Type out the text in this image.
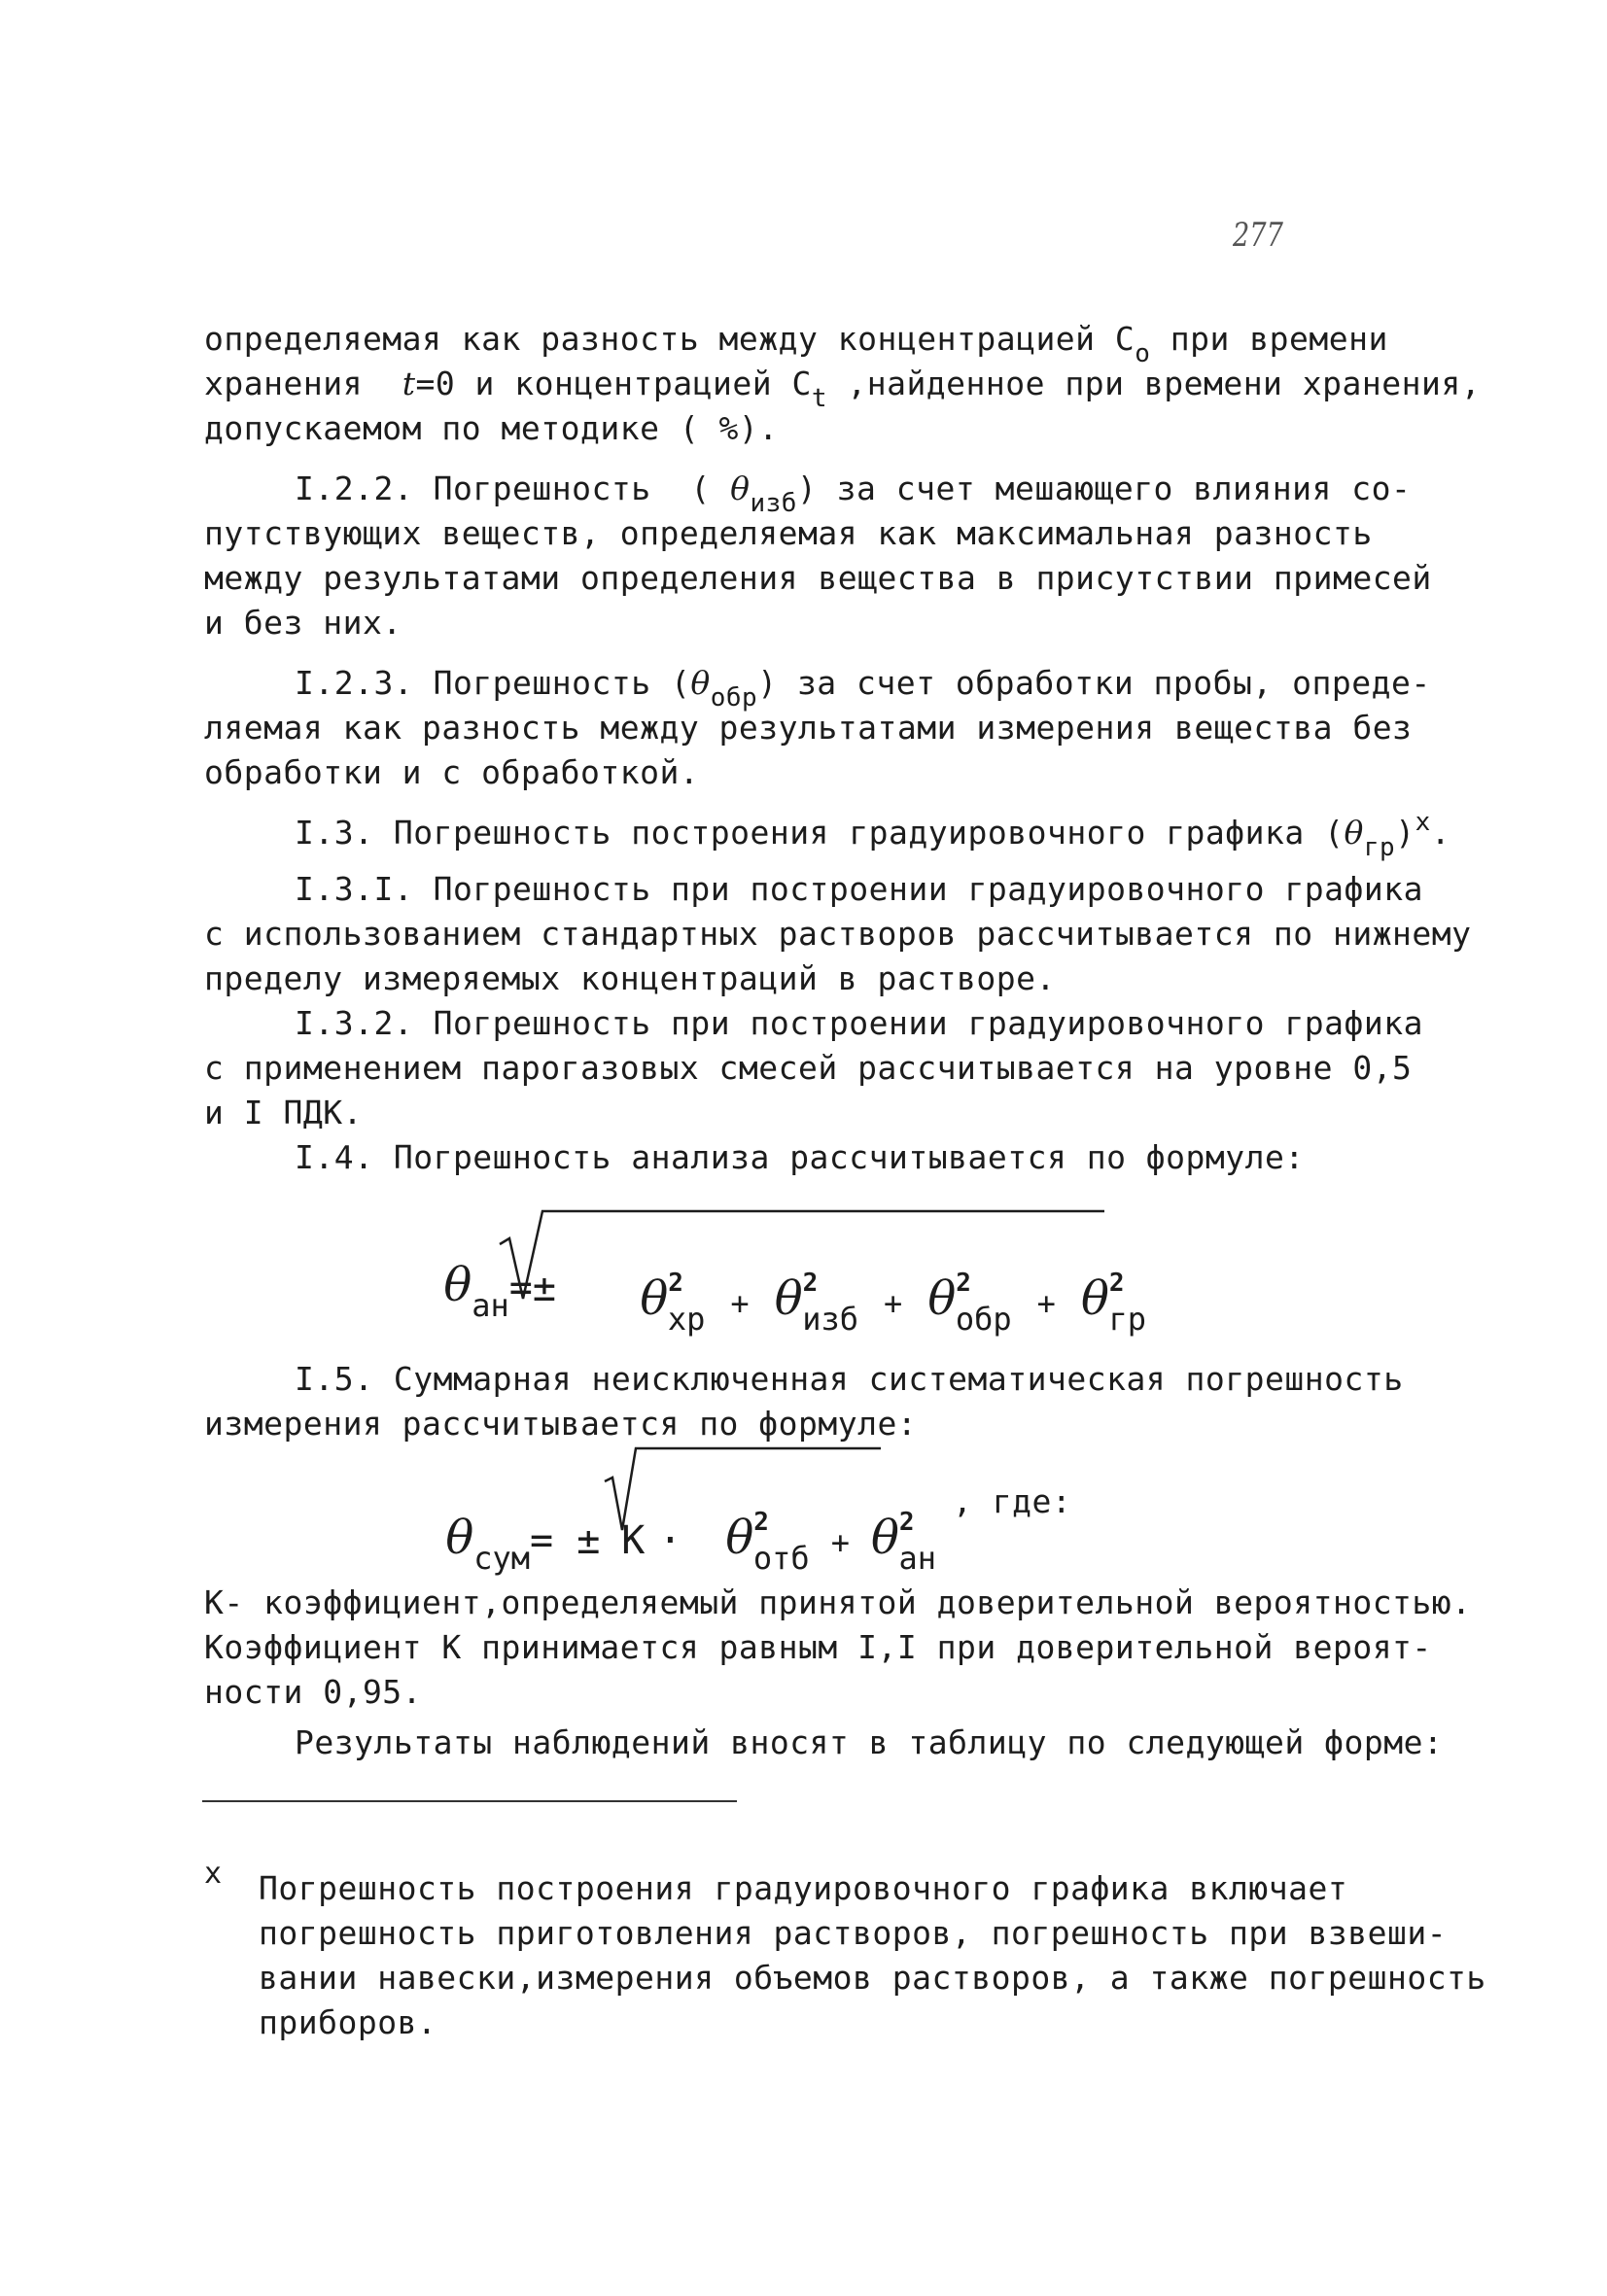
277
определяемая как разность между концентрацией $С_о$ при времени
хранения  t=0 и концентрацией $С_t$ ,найденное при времени хранения,
допускаемом по методике ( %).
I.2.2. Погрешность  ( $\theta_{изб}$) за счет мешающего влияния со-
путствующих веществ, определяемая как максимальная разность
между результатами определения вещества в присутствии примесей
и без них.
I.2.3. Погрешность $(\theta_{обр})$ за счет обработки пробы, опреде-
ляемая как разность между результатами измерения вещества без
обработки и с обработкой.
I.3. Погрешность построения градуировочного графика $(\theta_{гр})^х$.
I.3.I. Погрешность при построении градуировочного графика
с использованием стандартных растворов рассчитывается по нижнему
пределу измеряемых концентраций в растворе.
I.3.2. Погрешность при построении градуировочного графика
с применением парогазовых смесей рассчитывается на уровне 0,5
и I ПДК.
I.4. Погрешность анализа рассчитывается по формуле:

$\theta_{ан}=\pm$
	$\theta^2_{хр} + \theta^2_{изб} + \theta^2_{обр} + \theta^2_{гр}$

I.5. Суммарная неисключенная систематическая погрешность
измерения рассчитывается по формуле:

$\theta_{сум}= \pm К$ ·
$\theta^2_{отб} + \theta^2_{ан}$

, где:
К- коэффициент,определяемый принятой доверительной вероятностью.
Коэффициент К принимается равным I,I при доверительной вероят-
ности 0,95.
Результаты наблюдений вносят в таблицу по следующей форме:
х Погрешность построения градуировочного графика включает
погрешность приготовления растворов, погрешность при взвеши-
вании навески,измерения объемов растворов, а также погрешность
приборов.
